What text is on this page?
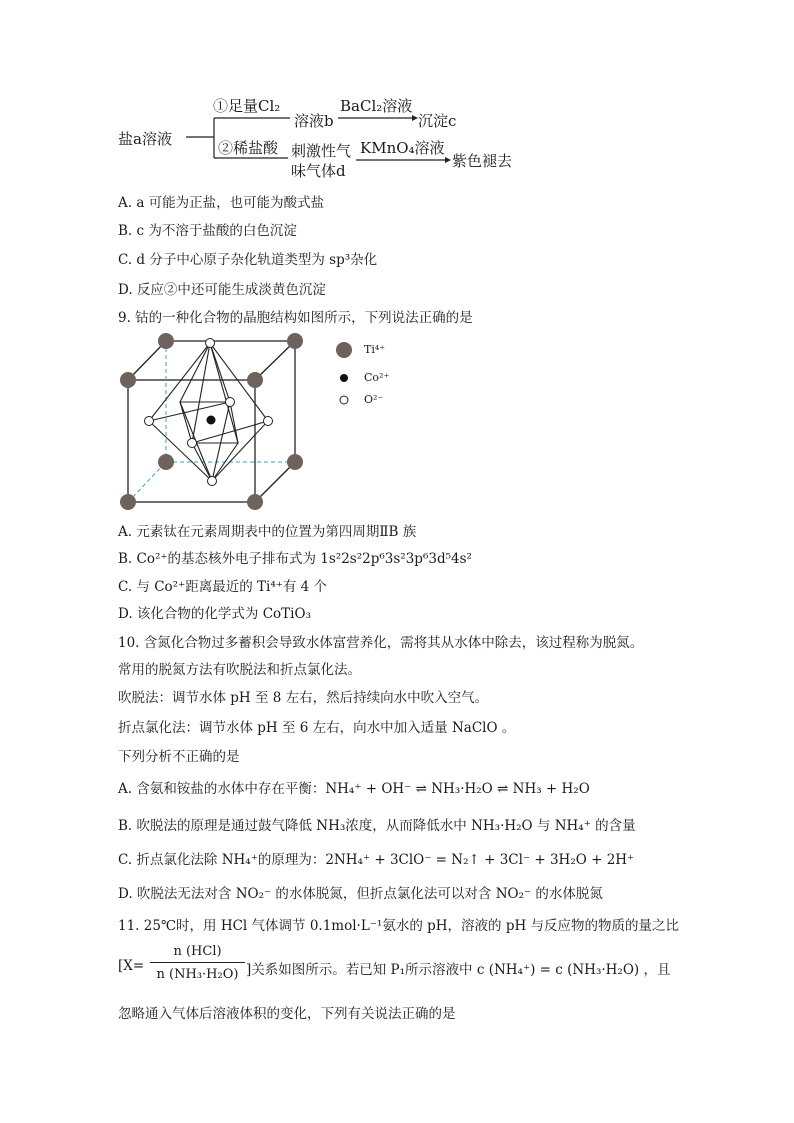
盐a溶液
①足量Cl₂
溶液b
BaCl₂溶液
沉淀c
②稀盐酸 刺激性气
味气体d
KMnO₄溶液
紫色褪去
A. a 可能为正盐，也可能为酸式盐
B. c 为不溶于盐酸的白色沉淀
C. d 分子中心原子杂化轨道类型为 sp³杂化
D. 反应②中还可能生成淡黄色沉淀
9. 钴的一种化合物的晶胞结构如图所示，下列说法正确的是
Ti⁴⁺
Co²⁺
O²⁻
A. 元素钛在元素周期表中的位置为第四周期ⅡB 族
B. Co²⁺的基态核外电子排布式为 1s²2s²2p⁶3s²3p⁶3d⁵4s²
C. 与 Co²⁺距离最近的 Ti⁴⁺有 4 个
D. 该化合物的化学式为 CoTiO₃
10. 含氮化合物过多蓄积会导致水体富营养化，需将其从水体中除去，该过程称为脱氮。
常用的脱氮方法有吹脱法和折点氯化法。
吹脱法：调节水体 pH 至 8 左右，然后持续向水中吹入空气。
折点氯化法：调节水体 pH 至 6 左右，向水中加入适量 NaClO 。
下列分析不正确的是
A. 含氨和铵盐的水体中存在平衡：NH₄⁺ + OH⁻ ⇌ NH₃·H₂O ⇌ NH₃ + H₂O
B. 吹脱法的原理是通过鼓气降低 NH₃浓度，从而降低水中 NH₃·H₂O 与 NH₄⁺ 的含量
C. 折点氯化法除 NH₄⁺的原理为：2NH₄⁺ + 3ClO⁻ = N₂↑ + 3Cl⁻ + 3H₂O + 2H⁺
D. 吹脱法无法对含 NO₂⁻ 的水体脱氮，但折点氯化法可以对含 NO₂⁻ 的水体脱氮
11. 25℃时，用 HCl 气体调节 0.1mol·L⁻¹氨水的 pH，溶液的 pH 与反应物的物质的量之比
[X=
n (HCl)
n (NH₃·H₂O) ]关系如图所示。若已知 P₁所示溶液中 c (NH₄⁺) = c (NH₃·H₂O) ，且
忽略通入气体后溶液体积的变化，下列有关说法正确的是
